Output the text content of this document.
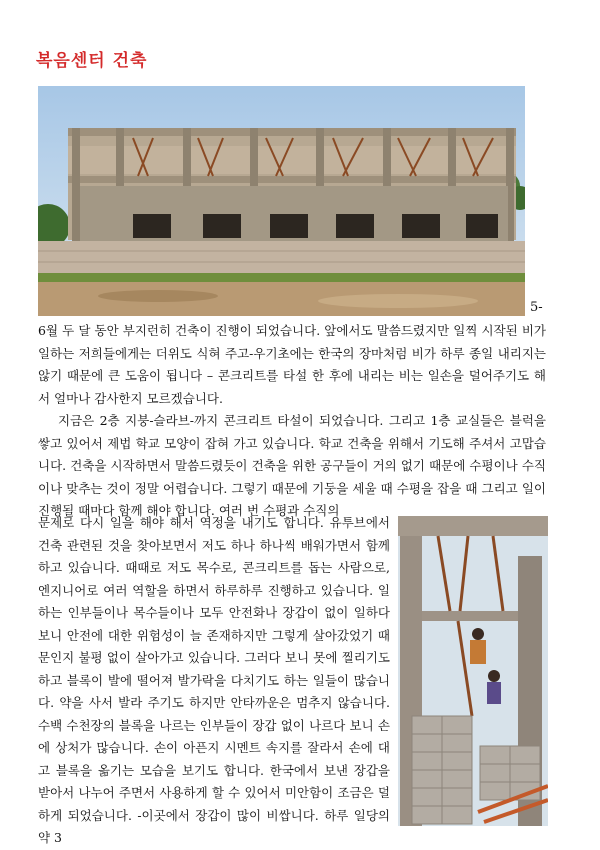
복음센터 건축
5-

6월 두 달 동안 부지런히 건축이 진행이 되었습니다. 앞에서도 말씀드렸지만 일찍 시작된 비가 일하는 저희들에게는 더위도 식혀 주고-우기초에는 한국의 장마처럼 비가 하루 종일 내리지는 않기 때문에 큰 도움이 됩니다 – 콘크리트를 타설 한 후에 내리는 비는 일손을 덜어주기도 해서 얼마나 감사한지 모르겠습니다.

지금은 2층 지붕-슬라브-까지 콘크리트 타설이 되었습니다. 그리고 1층 교실들은 블럭을 쌓고 있어서 제법 학교 모양이 잡혀 가고 있습니다. 학교 건축을 위해서 기도해 주셔서 고맙습니다. 건축을 시작하면서 말씀드렸듯이 건축을 위한 공구들이 거의 없기 때문에 수평이나 수직이나 맞추는 것이 정말 어렵습니다. 그렇기 때문에 기둥을 세울 때 수평을 잡을 때 그리고 일이 진행될 때마다 함께 해야 합니다. 여러 번 수평과 수직의

문제로 다시 일을 해야 해서 역정을 내기도 합니다. 유투브에서 건축 관련된 것을 찾아보면서 저도 하나 하나씩 배워가면서 함께 하고 있습니다. 때때로 저도 목수로, 콘크리트를 돕는 사람으로, 엔지니어로 여러 역할을 하면서 하루하루 진행하고 있습니다. 일하는 인부들이나 목수들이나 모두 안전화나 장갑이 없이 일하다 보니 안전에 대한 위험성이 늘 존재하지만 그렇게 살아갔었기 때문인지 불평 없이 살아가고 있습니다. 그러다 보니 못에 찔리기도 하고 블록이 발에 떨어져 발가락을 다치기도 하는 일들이 많습니다. 약을 사서 발라 주기도 하지만 안타까운은 멈추지 않습니다. 수백 수천장의 블록을 나르는 인부들이 장갑 없이 나르다 보니 손에 상처가 많습니다. 손이 아픈지 시멘트 속지를 잘라서 손에 대고 블록을 옮기는 모습을 보기도 합니다. 한국에서 보낸 장갑을 받아서 나누어 주면서 사용하게 할 수 있어서 미안함이 조금은 덜 하게 되었습니다. -이곳에서 장갑이 많이 비쌉니다. 하루 일당의 약 3
